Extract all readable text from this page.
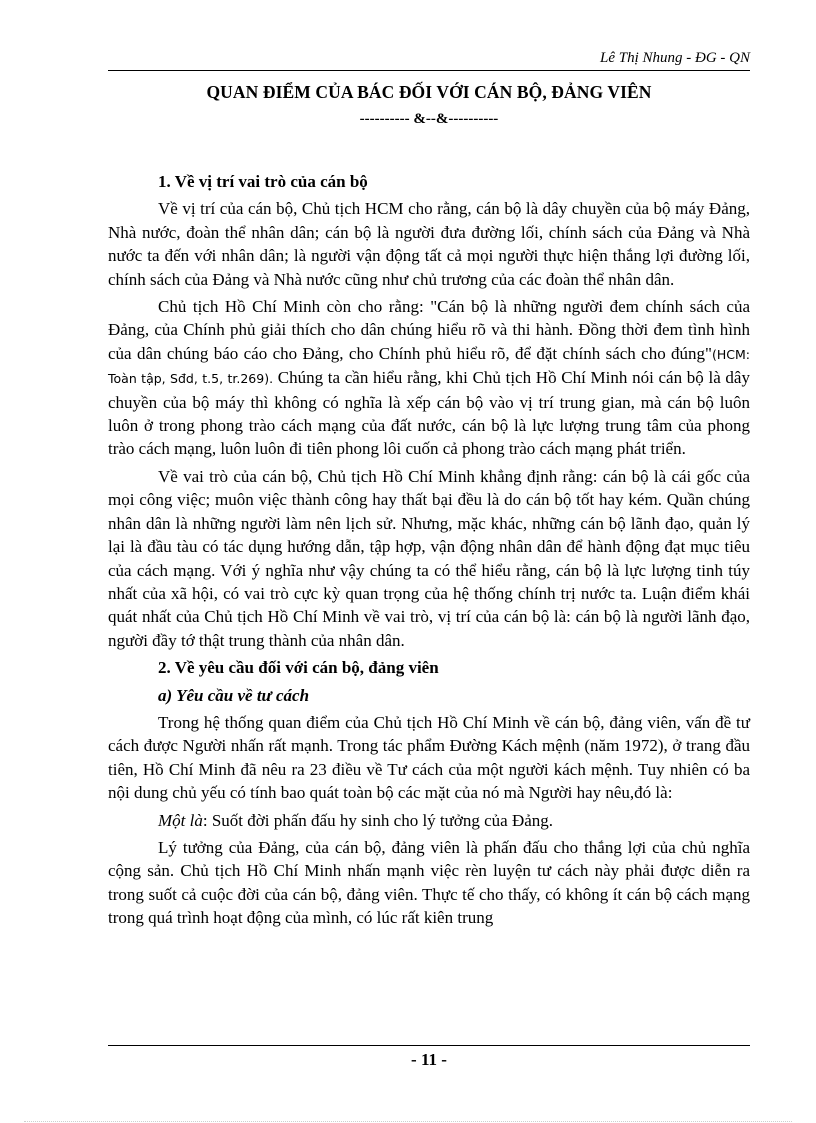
Lê Thị Nhung - ĐG - QN
QUAN ĐIỂM CỦA BÁC ĐỐI VỚI CÁN BỘ, ĐẢNG VIÊN
---------- &--&----------
1. Về vị trí vai trò của cán bộ

Về vị trí của cán bộ, Chủ tịch HCM cho rằng, cán bộ là dây chuyền của bộ máy Đảng, Nhà nước, đoàn thể nhân dân; cán bộ là người đưa đường lối, chính sách của Đảng và Nhà nước ta đến với nhân dân; là người vận động tất cả mọi người thực hiện thắng lợi đường lối, chính sách của Đảng và Nhà nước cũng như chủ trương của các đoàn thể nhân dân.

Chủ tịch Hồ Chí Minh còn cho rằng: "Cán bộ là những người đem chính sách của Đảng, của Chính phủ giải thích cho dân chúng hiểu rõ và thi hành. Đồng thời đem tình hình của dân chúng báo cáo cho Đảng, cho Chính phủ hiểu rõ, để đặt chính sách cho đúng"(HCM: Toàn tập, Sđd, t.5, tr.269). Chúng ta cần hiểu rằng, khi Chủ tịch Hồ Chí Minh nói cán bộ là dây chuyền của bộ máy thì không có nghĩa là xếp cán bộ vào vị trí trung gian, mà cán bộ luôn luôn ở trong phong trào cách mạng của đất nước, cán bộ là lực lượng trung tâm của phong trào cách mạng, luôn luôn đi tiên phong lôi cuốn cả phong trào cách mạng phát triển.

Về vai trò của cán bộ, Chủ tịch Hồ Chí Minh khẳng định rằng: cán bộ là cái gốc của mọi công việc; muôn việc thành công hay thất bại đều là do cán bộ tốt hay kém. Quần chúng nhân dân là những người làm nên lịch sử. Nhưng, mặc khác, những cán bộ lãnh đạo, quản lý lại là đầu tàu có tác dụng hướng dẫn, tập hợp, vận động nhân dân để hành động đạt mục tiêu của cách mạng. Với ý nghĩa như vậy chúng ta có thể hiểu rằng, cán bộ là lực lượng tinh túy nhất của xã hội, có vai trò cực kỳ quan trọng của hệ thống chính trị nước ta. Luận điểm khái quát nhất của Chủ tịch Hồ Chí Minh về vai trò, vị trí của cán bộ là: cán bộ là người lãnh đạo, người đầy tớ thật trung thành của nhân dân.

2. Về yêu cầu đối với cán bộ, đảng viên
a) Yêu cầu về tư cách

Trong hệ thống quan điểm của Chủ tịch Hồ Chí Minh về cán bộ, đảng viên, vấn đề tư cách được Người nhấn rất mạnh. Trong tác phẩm Đường Kách mệnh (năm 1972), ở trang đầu tiên, Hồ Chí Minh đã nêu ra 23 điều về Tư cách của một người kách mệnh. Tuy nhiên có ba nội dung chủ yếu có tính bao quát toàn bộ các mặt của nó mà Người hay nêu,đó là:

Một là: Suốt đời phấn đấu hy sinh cho lý tưởng của Đảng.

Lý tưởng của Đảng, của cán bộ, đảng viên là phấn đấu cho thắng lợi của chủ nghĩa cộng sản. Chủ tịch Hồ Chí Minh nhấn mạnh việc rèn luyện tư cách này phải được diễn ra trong suốt cả cuộc đời của cán bộ, đảng viên. Thực tế cho thấy, có không ít cán bộ cách mạng trong quá trình hoạt động của mình, có lúc rất kiên trung

- 11 -
